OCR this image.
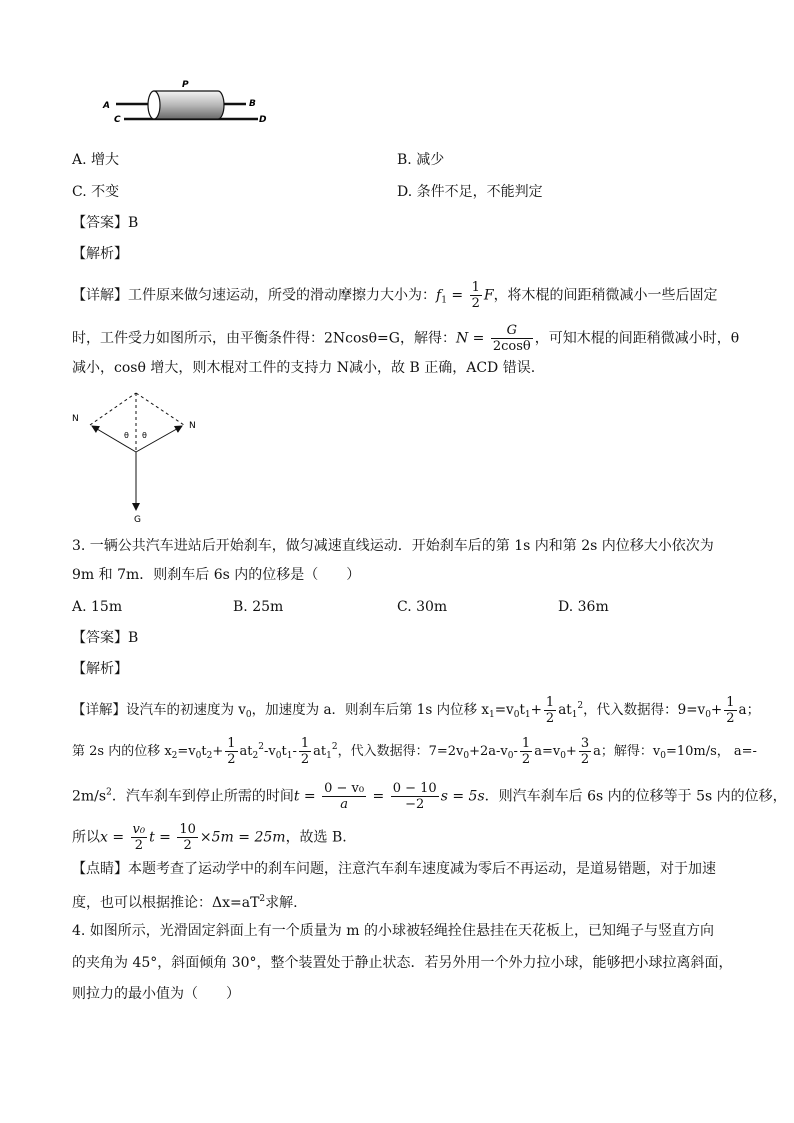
P
A	B
C	D
A. 增大	B. 减少
C. 不变	D. 条件不足，不能判定
【答案】B
【解析】
【详解】工件原来做匀速运动，所受的滑动摩擦力大小为：$f_1 = \frac{1}{2}$ F，将木棍的间距稍微减小一些后固定
时，工件受力如图所示，由平衡条件得：2Ncosθ=G，解得：$N = \frac{G}{2\cos\theta}$ ，可知木棍的间距稍微减小时，θ
减小，cosθ 增大，则木棍对工件的支持力 N减小，故 B 正确，ACD 错误.
N
N
θ θ
G
3. 一辆公共汽车进站后开始刹车，做匀减速直线运动．开始刹车后的第 1s 内和第 2s 内位移大小依次为
9m 和 7m．则刹车后 6s 内的位移是（　　）
A. 15m	B. 25m	C. 30m	D. 36m
【答案】B
【解析】
【详解】设汽车的初速度为 $v_0$，加速度为 a．则刹车后第 1s 内位移 $x_1=v_0t_1+ \frac{1}{2} at_1^2$，代入数据得：$9=v_0+ \frac{1}{2}$ a；
第 2s 内的位移 $x_2=v_0t_2+ \frac{1}{2} at_2^2-v_0t_1- \frac{1}{2} at_1^2$，代入数据得：$7=2v_0+2a-v_0- \frac{1}{2} a=v_0+ \frac{3}{2}$ a；解得：$v_0=10m/s$， a=-
$2m/s^2$．汽车刹车到停止所需的时间$t = \frac{\text{0 − v₀}}{a} = \frac{0 - 10}{-2}$ s = 5s．则汽车刹车后 6s 内的位移等于 5s 内的位移，
所以$x = \frac{\text{v₀}}{2}$ $t = \frac{10}{2} \times 5m = 25m$，故选 B.
【点睛】本题考查了运动学中的刹车问题，注意汽车刹车速度减为零后不再运动，是道易错题，对于加速
度，也可以根据推论：$\Delta x=aT^2$求解.
4. 如图所示，光滑固定斜面上有一个质量为 m 的小球被轻绳拴住悬挂在天花板上，已知绳子与竖直方向
的夹角为 45°，斜面倾角 30°，整个装置处于静止状态．若另外用一个外力拉小球，能够把小球拉离斜面，
则拉力的最小值为（　　）
